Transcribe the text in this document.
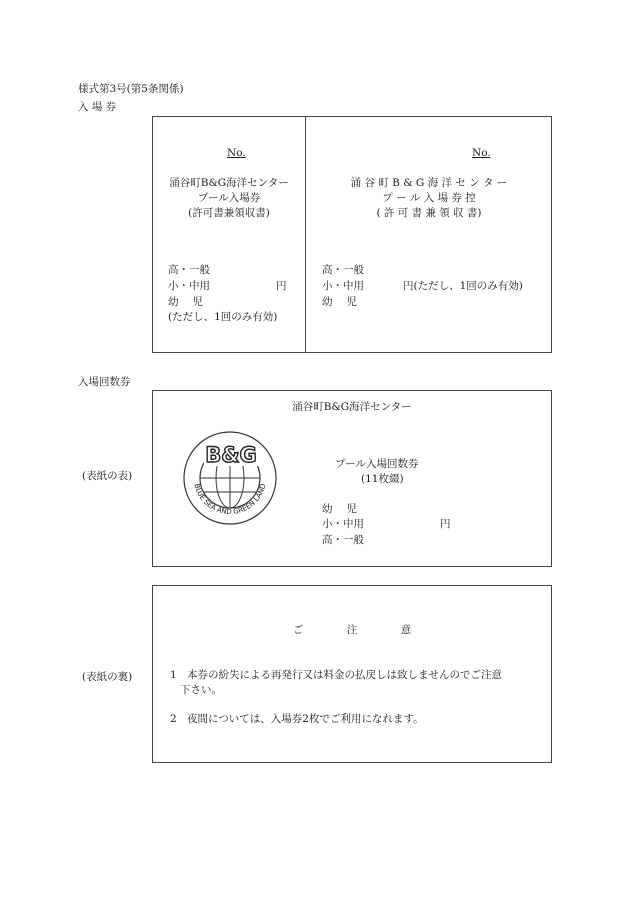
様式第3号(第5条関係)
入 場 券
No.
涌谷町B&G海洋センター
プール入場券
(許可書兼領収書)
高・一般
小・中用	円
幼　 児
(ただし、1回のみ有効)
No.
涌 谷 町 B & G 海 洋 セ ン タ ー
プ ー ル 入 場 券 控
( 許 可 書 兼 領 収 書)
高・一般
小・中用	円(ただし、1回のみ有効)
幼　 児
入場回数券
(表紙の表)
涌谷町B&G海洋センター
B&G
BLUE SEA AND GREEN LAND
プール入場回数券
(11枚綴)
幼　 児
小・中用	円
高・一般
(表紙の裏)
ご 注 意
1 本券の紛失による再発行又は料金の払戻しは致しませんのでご注意
下さい。
2 夜間については、入場券2枚でご利用になれます。
